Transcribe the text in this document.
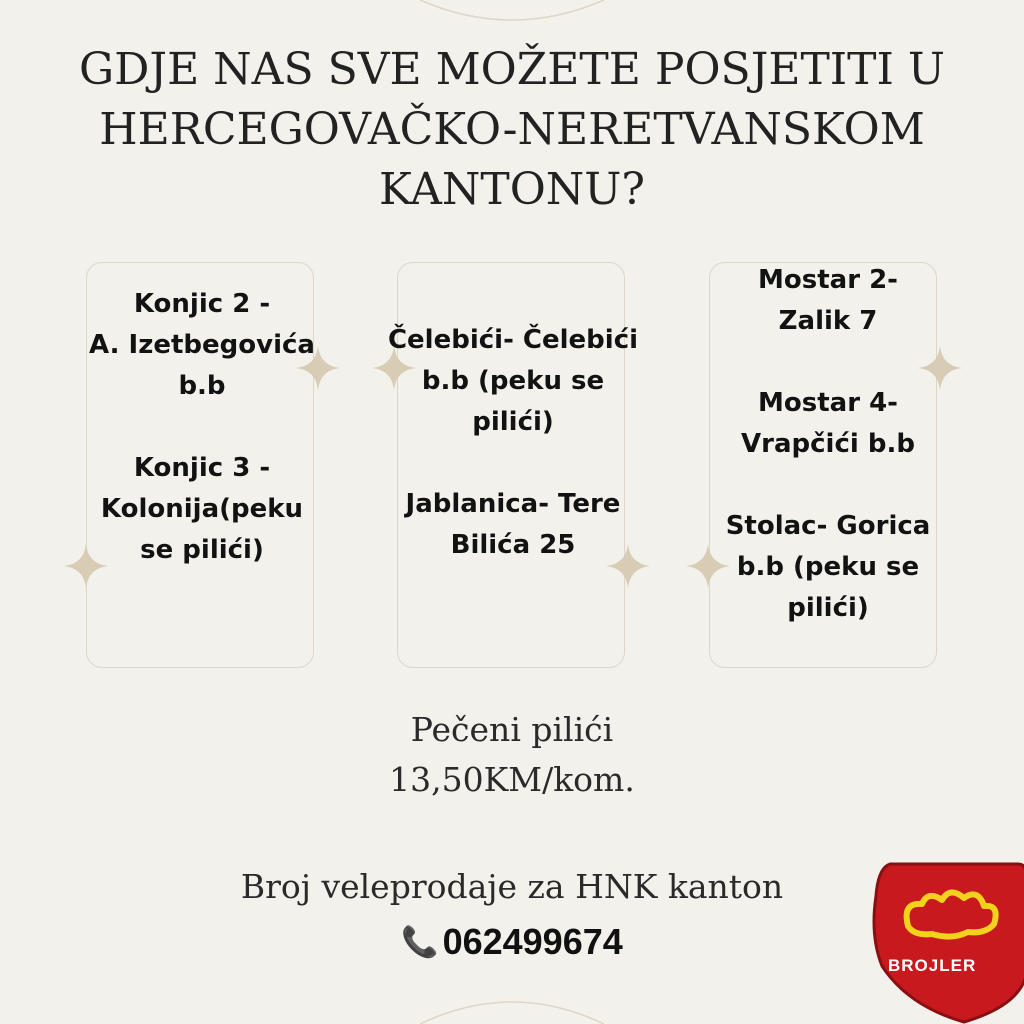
GDJE NAS SVE MOŽETE POSJETITI U
HERCEGOVAČKO-NERETVANSKOM
KANTONU?
Konjic 2 -
A. Izetbegovića
b.b
Konjic 3 -
Kolonija(peku
se pilići)
Čelebići- Čelebići
b.b (peku se
pilići)
Jablanica- Tere
Bilića 25
Mostar 2-
Zalik 7
Mostar 4-
Vrapčići b.b
Stolac- Gorica
b.b (peku se
pilići)
Pečeni pilići
13,50KM/kom.
Broj veleprodaje za HNK kanton
📞 062499674
BROJLER
